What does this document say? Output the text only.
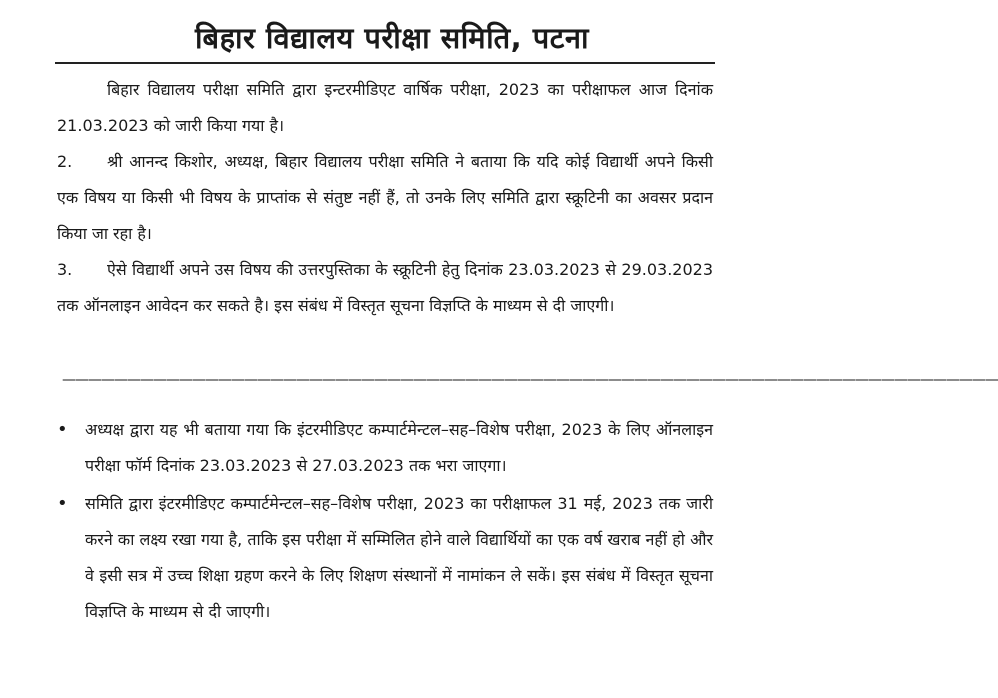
बिहार विद्यालय परीक्षा समिति, पटना
बिहार विद्यालय परीक्षा समिति द्वारा इन्टरमीडिएट वार्षिक परीक्षा, 2023 का परीक्षाफल आज दिनांक 21.03.2023 को जारी किया गया है।
2. श्री आनन्द किशोर, अध्यक्ष, बिहार विद्यालय परीक्षा समिति ने बताया कि यदि कोई विद्यार्थी अपने किसी एक विषय या किसी भी विषय के प्राप्तांक से संतुष्ट नहीं हैं, तो उनके लिए समिति द्वारा स्क्रूटिनी का अवसर प्रदान किया जा रहा है।
3. ऐसे विद्यार्थी अपने उस विषय की उत्तरपुस्तिका के स्क्रूटिनी हेतु दिनांक 23.03.2023 से 29.03.2023 तक ऑनलाइन आवेदन कर सकते है। इस संबंध में विस्तृत सूचना विज्ञप्ति के माध्यम से दी जाएगी।
————————————————————————————————————————————————————————————————————————
•	अध्यक्ष द्वारा यह भी बताया गया कि इंटरमीडिएट कम्पार्टमेन्टल–सह–विशेष परीक्षा, 2023 के लिए ऑनलाइन परीक्षा फॉर्म दिनांक 23.03.2023 से 27.03.2023 तक भरा जाएगा।
•	समिति द्वारा इंटरमीडिएट कम्पार्टमेन्टल–सह–विशेष परीक्षा, 2023 का परीक्षाफल 31 मई, 2023 तक जारी करने का लक्ष्य रखा गया है, ताकि इस परीक्षा में सम्मिलित होने वाले विद्यार्थियों का एक वर्ष खराब नहीं हो और वे इसी सत्र में उच्च शिक्षा ग्रहण करने के लिए शिक्षण संस्थानों में नामांकन ले सकें। इस संबंध में विस्तृत सूचना विज्ञप्ति के माध्यम से दी जाएगी।
